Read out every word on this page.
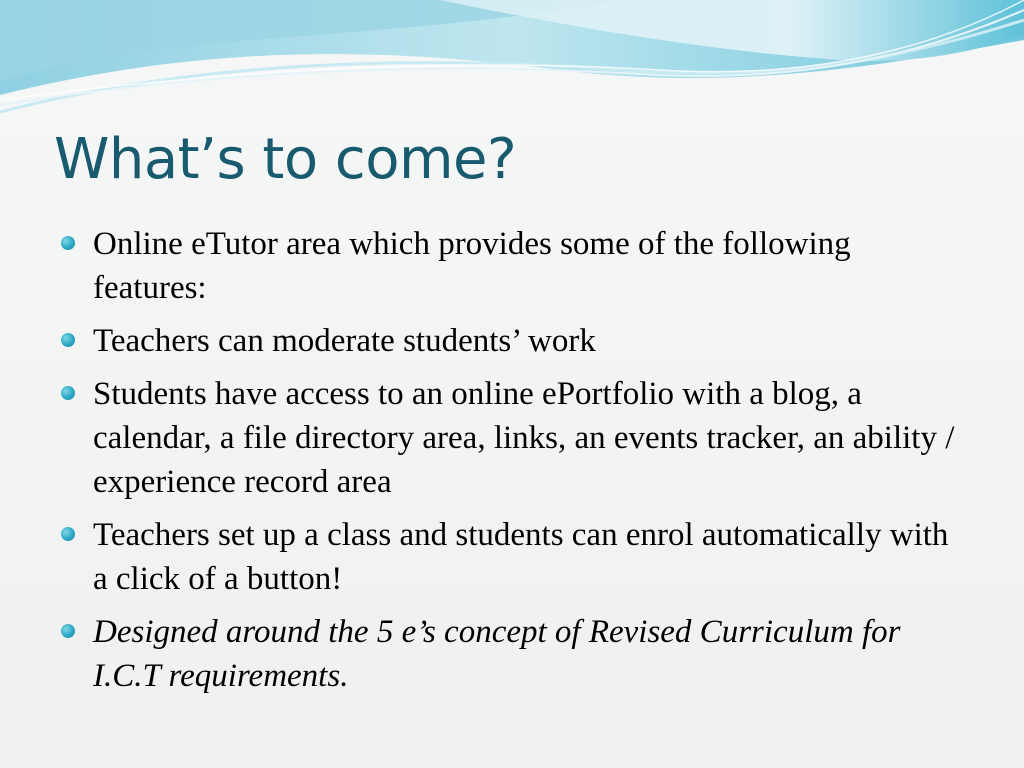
What’s to come?
Online eTutor area which provides some of the following features:
Teachers can moderate students’ work
Students have access to an online ePortfolio with a blog, a calendar, a file directory area, links, an events tracker, an ability / experience record area
Teachers set up a class and students can enrol automatically with a click of a button!
Designed around the 5 e’s concept of Revised Curriculum for I.C.T requirements.
